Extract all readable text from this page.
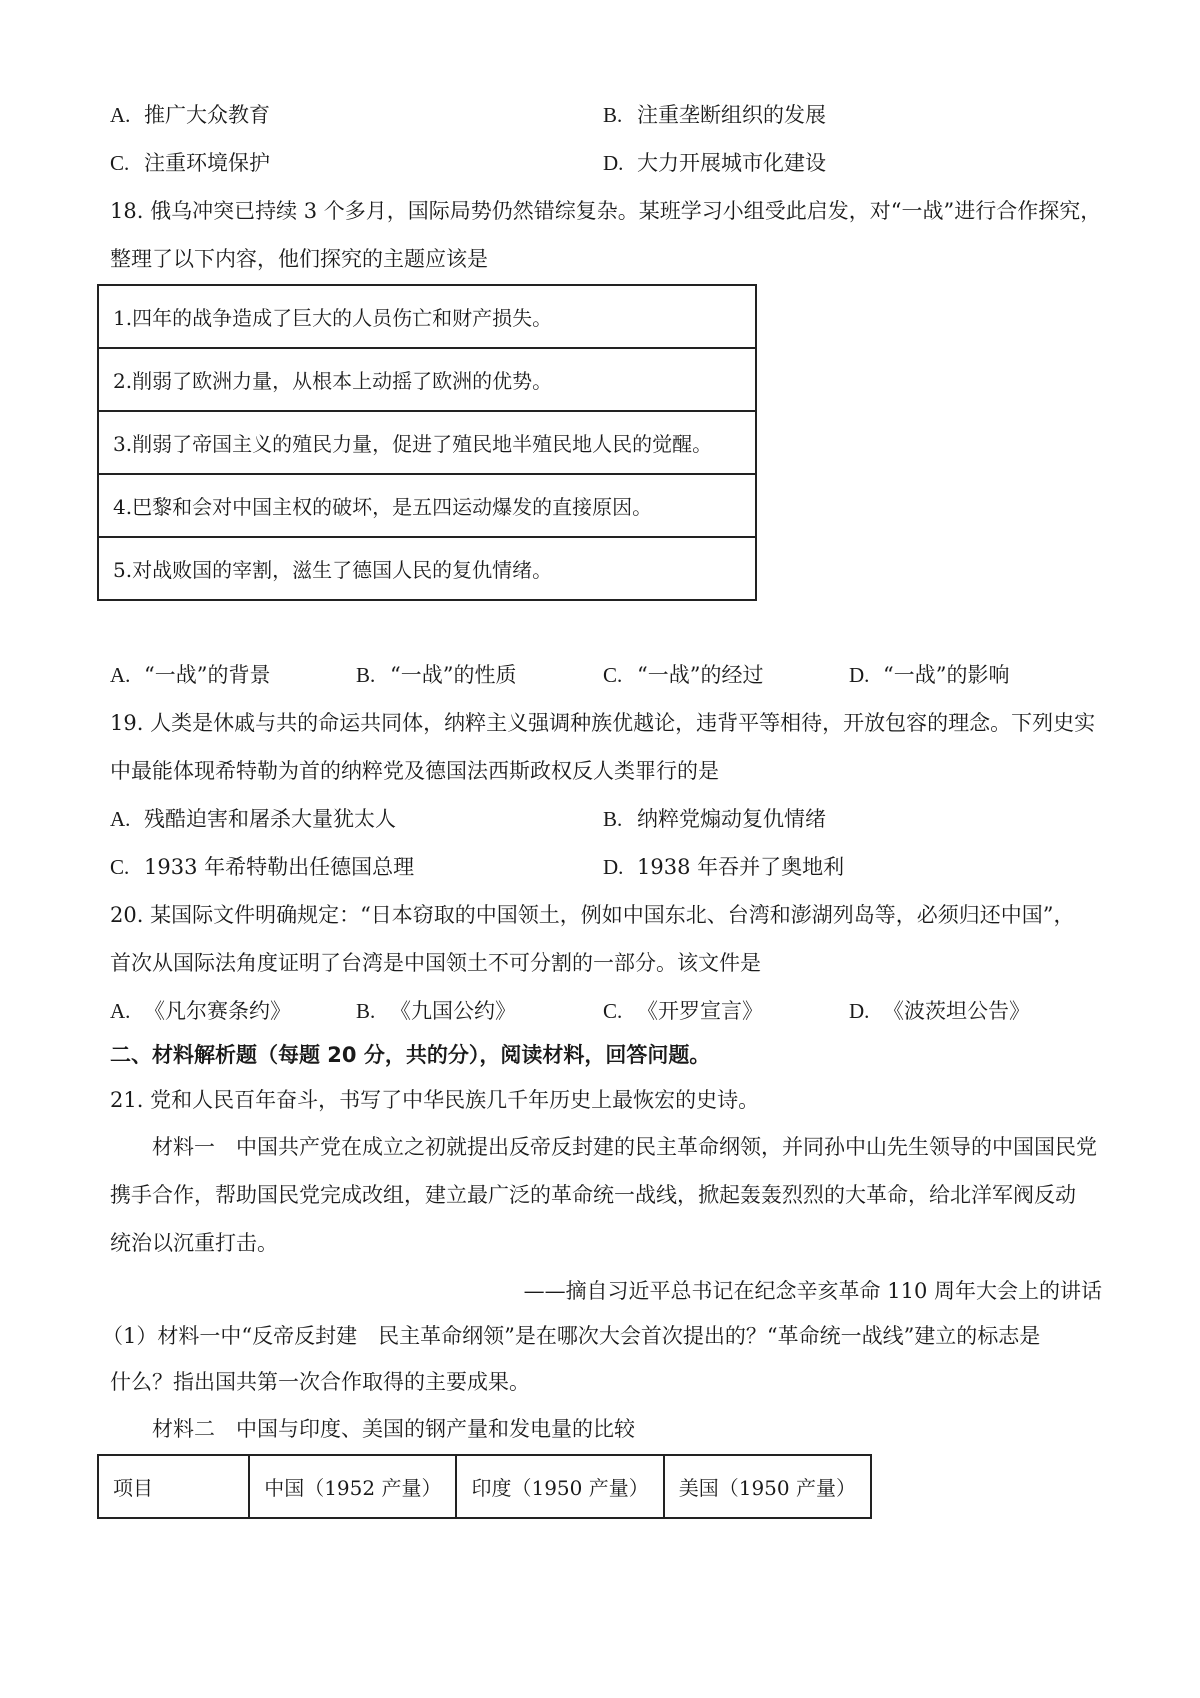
A. 推广大众教育	B. 注重垄断组织的发展
C. 注重环境保护	D. 大力开展城市化建设
18. 俄乌冲突已持续 3 个多月，国际局势仍然错综复杂。某班学习小组受此启发，对“一战”进行合作探究，
整理了以下内容，他们探究的主题应该是
1.四年的战争造成了巨大的人员伤亡和财产损失。
2.削弱了欧洲力量，从根本上动摇了欧洲的优势。
3.削弱了帝国主义的殖民力量，促进了殖民地半殖民地人民的觉醒。
4.巴黎和会对中国主权的破坏，是五四运动爆发的直接原因。
5.对战败国的宰割，滋生了德国人民的复仇情绪。
A. “一战”的背景	B. “一战”的性质	C. “一战”的经过	D. “一战”的影响
19. 人类是休戚与共的命运共同体，纳粹主义强调种族优越论，违背平等相待，开放包容的理念。下列史实
中最能体现希特勒为首的纳粹党及德国法西斯政权反人类罪行的是
A. 残酷迫害和屠杀大量犹太人	B. 纳粹党煽动复仇情绪
C. 1933 年希特勒出任德国总理	D. 1938 年吞并了奥地利
20. 某国际文件明确规定：“日本窃取的中国领土，例如中国东北、台湾和澎湖列岛等，必须归还中国”，
首次从国际法角度证明了台湾是中国领土不可分割的一部分。该文件是
A. 《凡尔赛条约》	B. 《九国公约》	C. 《开罗宣言》	D. 《波茨坦公告》
二、材料解析题（每题 20 分，共的分），阅读材料，回答问题。
21. 党和人民百年奋斗，书写了中华民族几千年历史上最恢宏的史诗。
材料一　中国共产党在成立之初就提出反帝反封建的民主革命纲领，并同孙中山先生领导的中国国民党
携手合作，帮助国民党完成改组，建立最广泛的革命统一战线，掀起轰轰烈烈的大革命，给北洋军阀反动
统治以沉重打击。
——摘自习近平总书记在纪念辛亥革命 110 周年大会上的讲话
（1）材料一中“反帝反封建　民主革命纲领”是在哪次大会首次提出的？“革命统一战线”建立的标志是
什么？指出国共第一次合作取得的主要成果。
材料二　中国与印度、美国的钢产量和发电量的比较
项目	中国（1952 产量）	印度（1950 产量）	美国（1950 产量）
